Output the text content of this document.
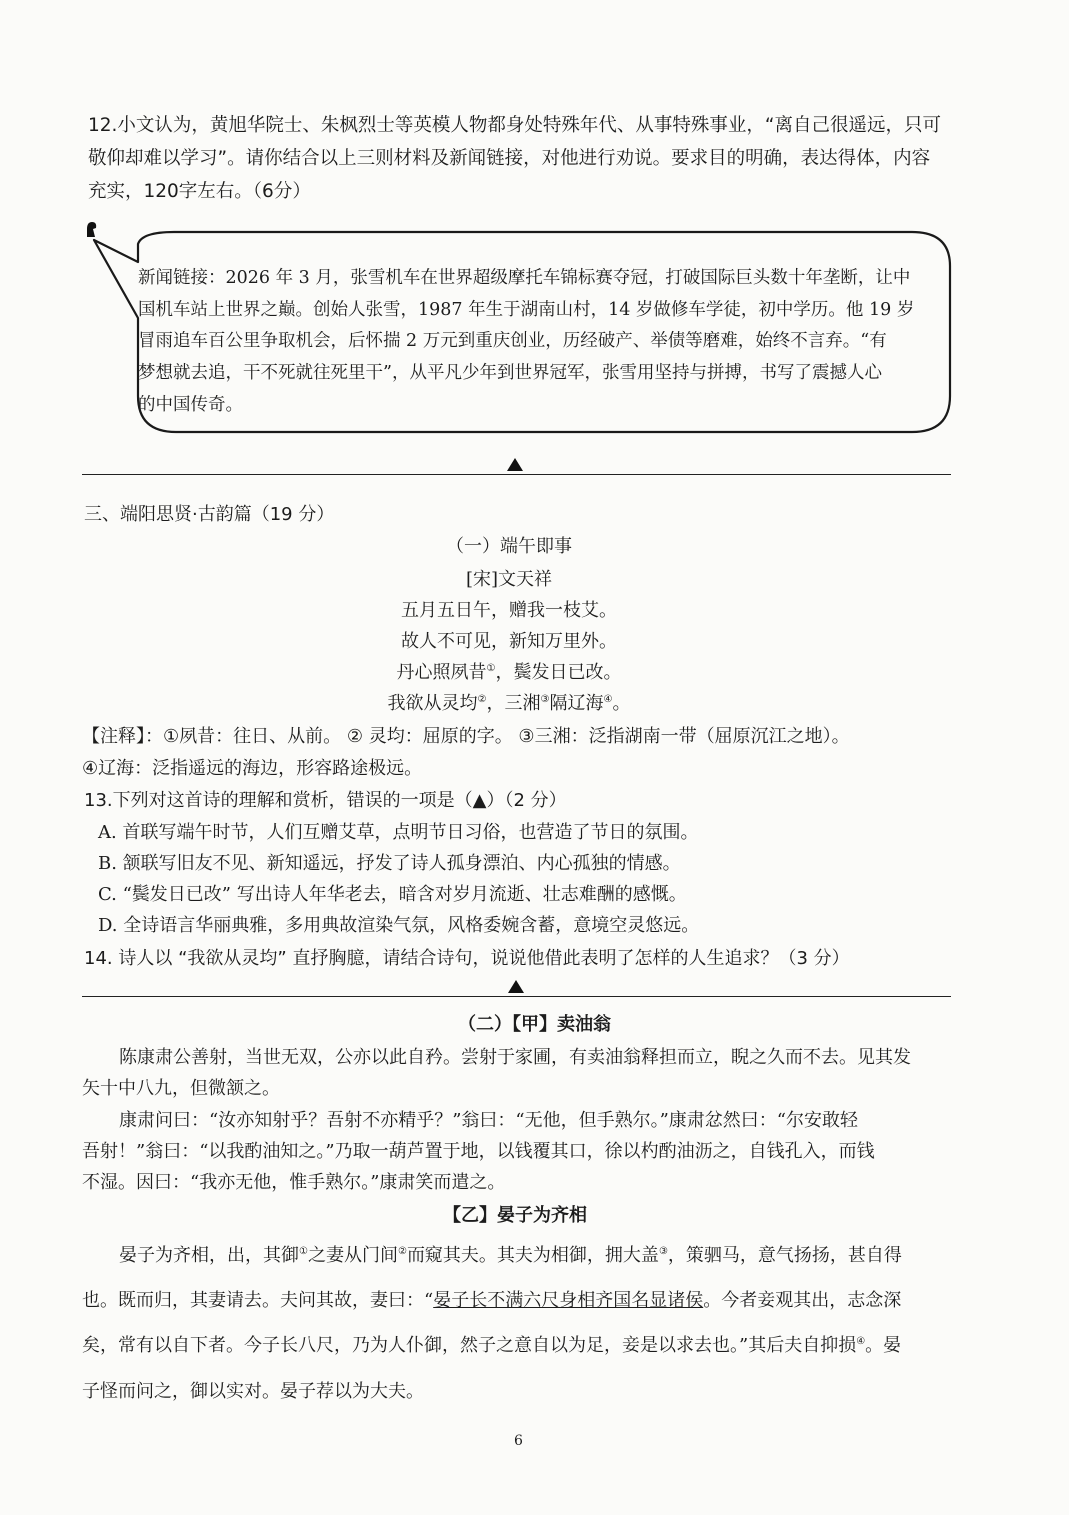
12.小文认为，黄旭华院士、朱枫烈士等英模人物都身处特殊年代、从事特殊事业，“离自己很遥远，只可
敬仰却难以学习”。请你结合以上三则材料及新闻链接，对他进行劝说。要求目的明确，表达得体，内容
充实，120字左右。（6分）
新闻链接：2026 年 3 月，张雪机车在世界超级摩托车锦标赛夺冠，打破国际巨头数十年垄断，让中
国机车站上世界之巅。创始人张雪，1987 年生于湖南山村，14 岁做修车学徒，初中学历。他 19 岁
冒雨追车百公里争取机会，后怀揣 2 万元到重庆创业，历经破产、举债等磨难，始终不言弃。“有
梦想就去追，干不死就往死里干”，从平凡少年到世界冠军，张雪用坚持与拼搏，书写了震撼人心
的中国传奇。
三、端阳思贤·古韵篇（19 分）
（一）端午即事
[宋]文天祥
五月五日午，赠我一枝艾。
故人不可见，新知万里外。
丹心照夙昔①，鬓发日已改。
我欲从灵均②，三湘③隔辽海④。
【注释】：①夙昔：往日、从前。 ② 灵均：屈原的字。 ③三湘：泛指湖南一带（屈原沉江之地）。
④辽海：泛指遥远的海边，形容路途极远。
13.下列对这首诗的理解和赏析，错误的一项是（▲）（2 分）
A. 首联写端午时节，人们互赠艾草，点明节日习俗，也营造了节日的氛围。
B. 颔联写旧友不见、新知遥远，抒发了诗人孤身漂泊、内心孤独的情感。
C. “鬓发日已改” 写出诗人年华老去，暗含对岁月流逝、壮志难酬的感慨。
D. 全诗语言华丽典雅，多用典故渲染气氛，风格委婉含蓄，意境空灵悠远。
14. 诗人以 “我欲从灵均” 直抒胸臆，请结合诗句，说说他借此表明了怎样的人生追求？（3 分）
（二）【甲】卖油翁
陈康肃公善射，当世无双，公亦以此自矜。尝射于家圃，有卖油翁释担而立，睨之久而不去。见其发
矢十中八九，但微颔之。
康肃问曰：“汝亦知射乎？吾射不亦精乎？”翁曰：“无他，但手熟尔。”康肃忿然曰：“尔安敢轻
吾射！”翁曰：“以我酌油知之。”乃取一葫芦置于地，以钱覆其口，徐以杓酌油沥之，自钱孔入，而钱
不湿。因曰：“我亦无他，惟手熟尔。”康肃笑而遣之。
【乙】晏子为齐相
晏子为齐相，出，其御①之妻从门间②而窥其夫。其夫为相御，拥大盖③，策驷马，意气扬扬，甚自得
也。既而归，其妻请去。夫问其故，妻曰：“晏子长不满六尺身相齐国名显诸侯。今者妾观其出，志念深
矣，常有以自下者。今子长八尺，乃为人仆御，然子之意自以为足，妾是以求去也。”其后夫自抑损④。晏
子怪而问之，御以实对。晏子荐以为大夫。
6
